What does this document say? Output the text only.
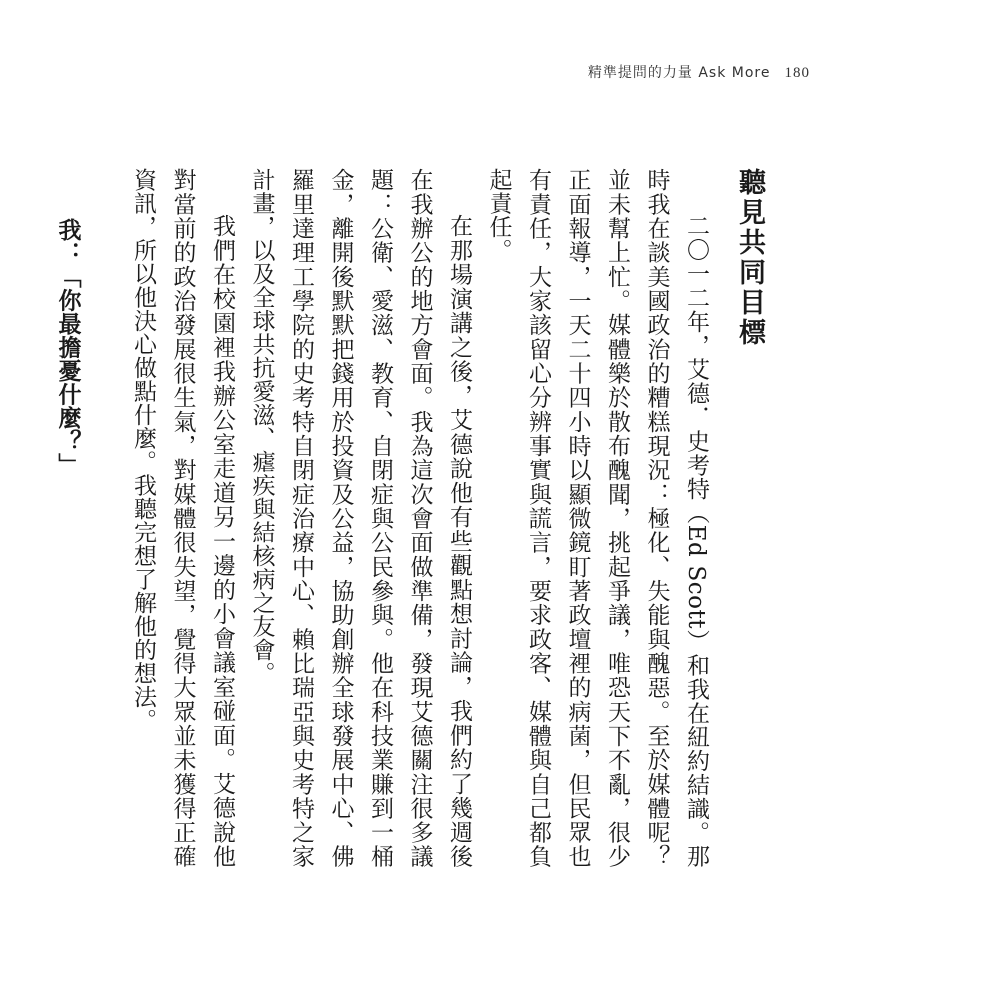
精準提問的力量 Ask More 180
聽見共同目標

二〇一二年，艾德．史考特（Ed Scott）和我在紐約結識。那時我在談美國政治的糟糕現況：極化、失能與醜惡。至於媒體呢？並未幫上忙。媒體樂於散布醜聞，挑起爭議，唯恐天下不亂，很少正面報導，一天二十四小時以顯微鏡盯著政壇裡的病菌，但民眾也有責任，大家該留心分辨事實與謊言，要求政客、媒體與自己都負起責任。

在那場演講之後，艾德說他有些觀點想討論，我們約了幾週後在我辦公的地方會面。我為這次會面做準備，發現艾德關注很多議題：公衛、愛滋、教育、自閉症與公民參與。他在科技業賺到一桶金，離開後默默把錢用於投資及公益，協助創辦全球發展中心、佛羅里達理工學院的史考特自閉症治療中心、賴比瑞亞與史考特之家計畫，以及全球共抗愛滋、瘧疾與結核病之友會。

我們在校園裡我辦公室走道另一邊的小會議室碰面。艾德說他對當前的政治發展很生氣，對媒體很失望，覺得大眾並未獲得正確資訊，所以他決心做點什麼。我聽完想了解他的想法。

我：「你最擔憂什麼？」
